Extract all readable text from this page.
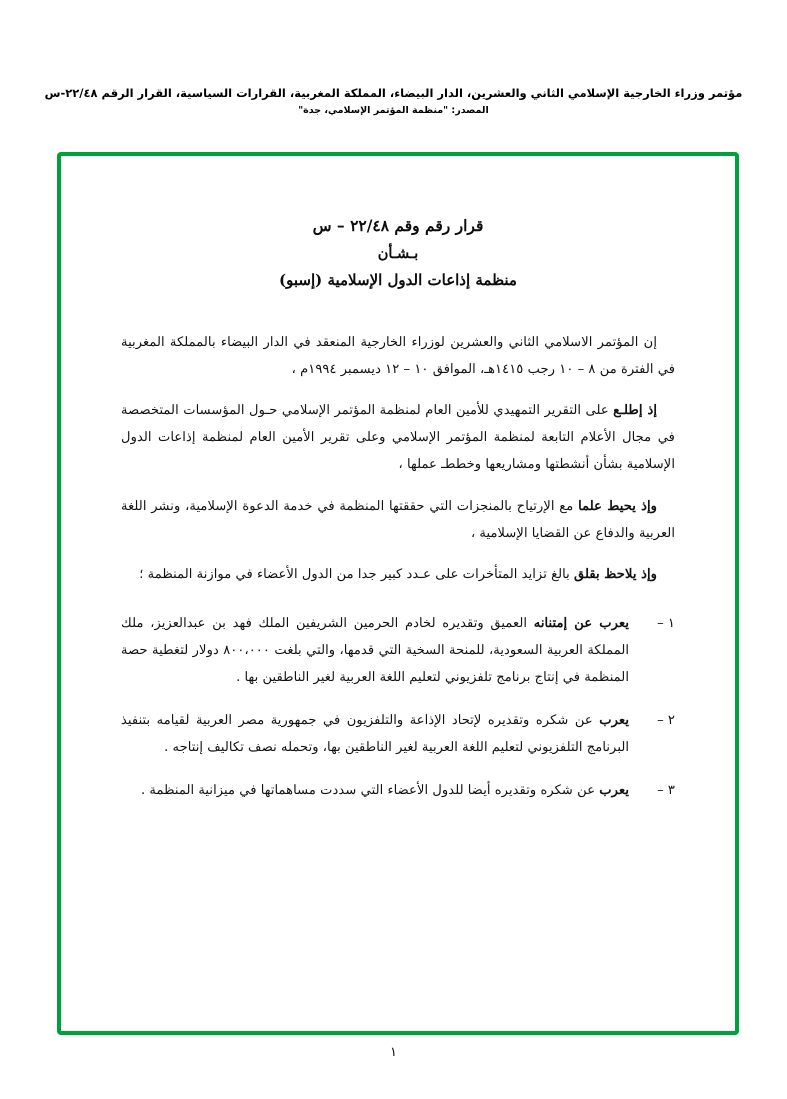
مؤتمر وزراء الخارجية الإسلامي الثاني والعشرين، الدار البيضاء، المملكة المغربية، القرارات السياسية، القرار الرقم ٢٢/٤٨-س
المصدر: "منظمة المؤتمر الإسلامي، جدة"
قرار رقم وقم ٢٢/٤٨ – س
بـشـأن
منظمة إذاعات الدول الإسلامية (إسبو)

إن المؤتمر الاسلامي الثاني والعشرين لوزراء الخارجية المنعقد في الدار البيضاء بالمملكة المغربية في الفترة من ٨ – ١٠ رجب ١٤١٥هـ، الموافق ١٠ – ١٢ ديسمبر ١٩٩٤م ،

إذ إطلـع على التقرير التمهيدي للأمين العام لمنظمة المؤتمر الإسلامي حـول المؤسسات المتخصصة في مجال الأعلام التابعة لمنظمة المؤتمر الإسلامي وعلى تقرير الأمين العام لمنظمة إذاعات الدول الإسلامية بشأن أنشطتها ومشاريعها وخططـ عملها ،

وإذ يحيط علما مع الإرتياح بالمنجزات التي حققتها المنظمة في خدمة الدعوة الإسلامية، ونشر اللغة العربية والدفاع عن القضايا الإسلامية ،

وإذ يلاحظ بقلق بالغ تزايد المتأخرات على عـدد كبير جدا من الدول الأعضاء في موازنة المنظمة ؛

١ –
يعرب عن إمتنانه العميق وتقديره لخادم الحرمين الشريفين الملك فهد بن عبدالعزيز، ملك المملكة العربية السعودية، للمنحة السخية التي قدمها، والتي بلغت ٨٠٠،٠٠٠ دولار لتغطية حصة المنظمة في إنتاج برنامج تلفزيوني لتعليم اللغة العربية لغير الناطقين بها .
٢ –
يعرب عن شكره وتقديره لإتحاد الإذاعة والتلفزيون في جمهورية مصر العربية لقيامه بتنفيذ البرنامج التلفزيوني لتعليم اللغة العربية لغير الناطقين بها، وتحمله نصف تكاليف إنتاجه .
٣ –
يعرب عن شكره وتقديره أيضا للدول الأعضاء التي سددت مساهماتها في ميزانية المنظمة .
١
